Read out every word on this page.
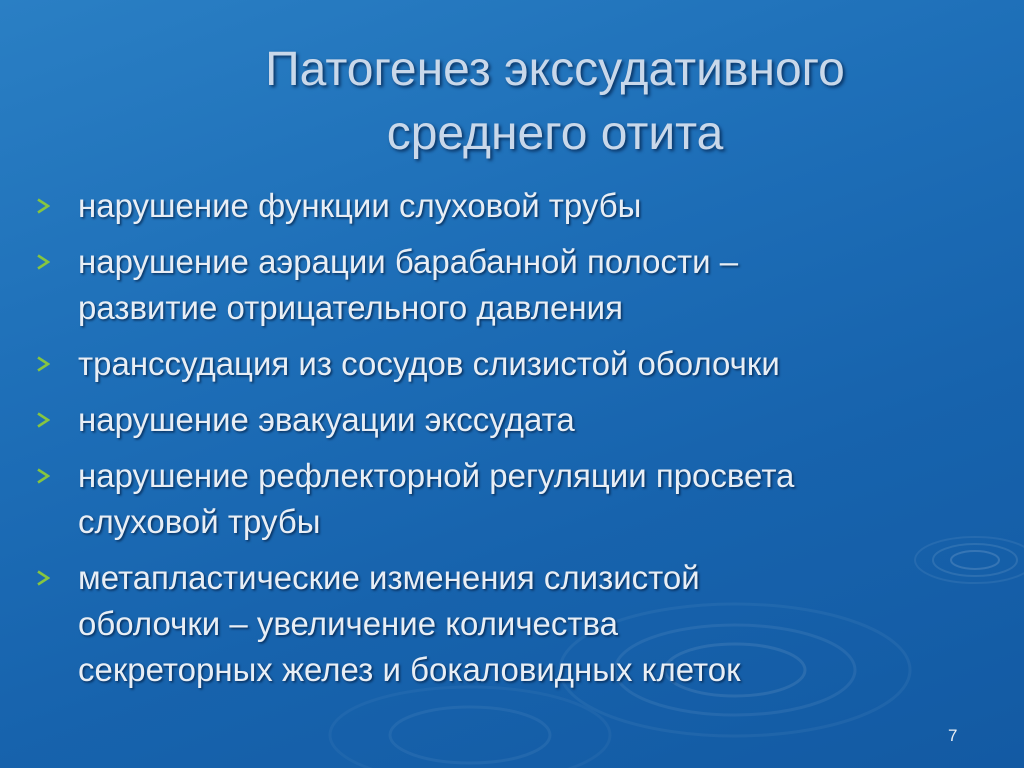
Патогенез экссудативного
среднего отита
нарушение функции слуховой трубы
нарушение аэрации барабанной полости –
развитие отрицательного давления
транссудация из сосудов слизистой оболочки
нарушение эвакуации экссудата
нарушение рефлекторной регуляции просвета
слуховой трубы
метапластические изменения слизистой
оболочки – увеличение количества
секреторных желез и бокаловидных клеток
7
